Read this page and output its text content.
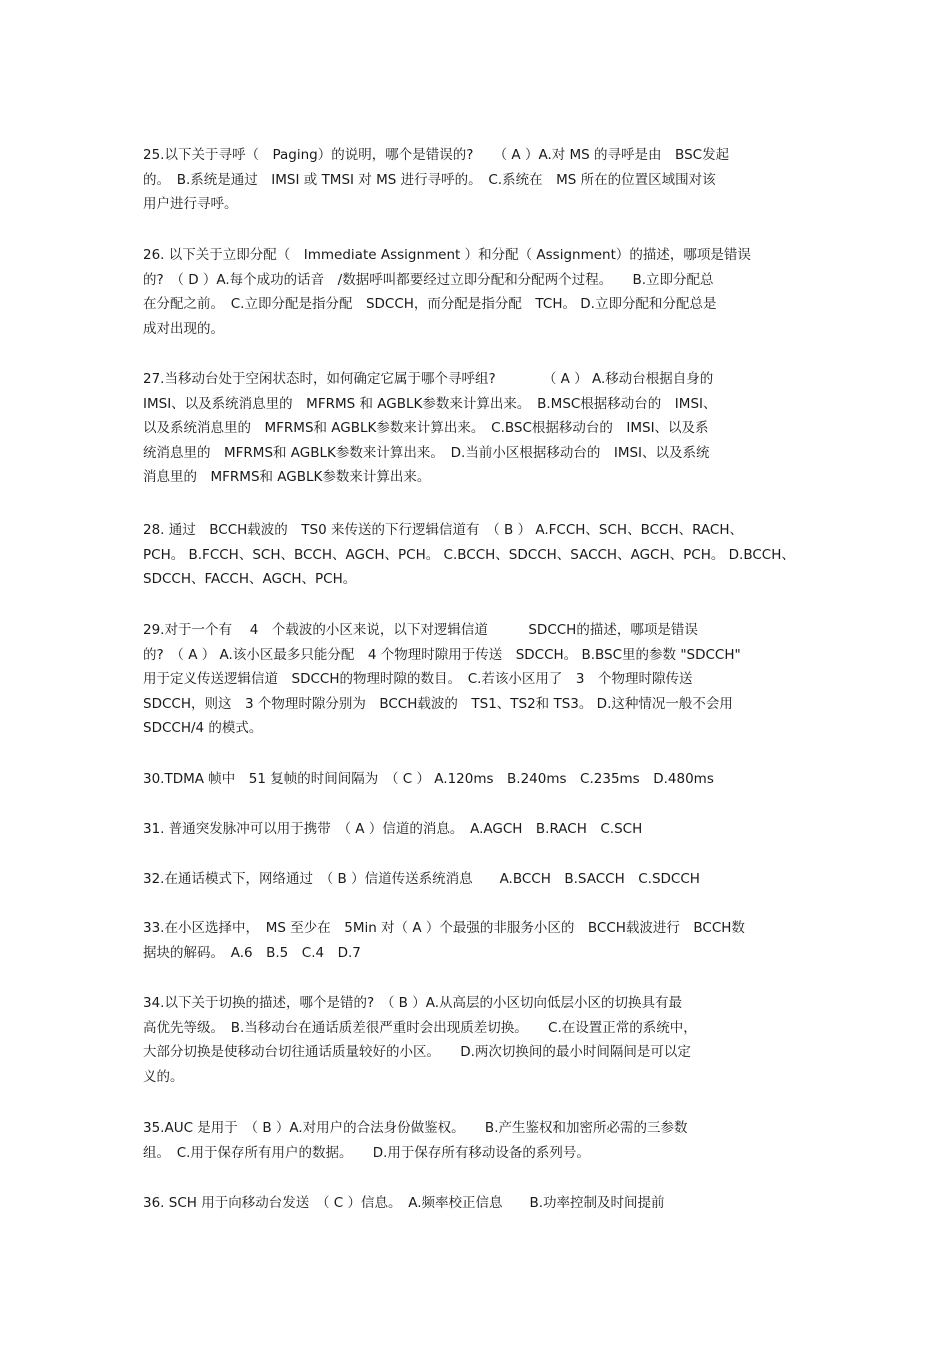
25.以下关于寻呼（　Paging）的说明，哪个是错误的?　　（ A ）A.对 MS 的寻呼是由　BSC发起
的。　B.系统是通过　IMSI 或 TMSI 对 MS 进行寻呼的。　C.系统在　MS 所在的位置区域围对该
用户进行寻呼。
26. 以下关于立即分配（　Immediate Assignment ）和分配（ Assignment）的描述，哪项是错误
的?　（ D ）A.每个成功的话音　/数据呼叫都要经过立即分配和分配两个过程。　　B.立即分配总
在分配之前。　C.立即分配是指分配　SDCCH，而分配是指分配　TCH。 D.立即分配和分配总是
成对出现的。
27.当移动台处于空闲状态时，如何确定它属于哪个寻呼组?　　　　（ A ） A.移动台根据自身的
IMSI、以及系统消息里的　MFRMS 和 AGBLK参数来计算出来。　B.MSC根据移动台的　IMSI、
以及系统消息里的　MFRMS和 AGBLK参数来计算出来。　C.BSC根据移动台的　IMSI、以及系
统消息里的　MFRMS和 AGBLK参数来计算出来。　D.当前小区根据移动台的　IMSI、以及系统
消息里的　MFRMS和 AGBLK参数来计算出来。
28. 通过　BCCH载波的　TS0 来传送的下行逻辑信道有　（ B ） A.FCCH、SCH、BCCH、RACH、
PCH。 B.FCCH、SCH、BCCH、AGCH、PCH。 C.BCCH、SDCCH、SACCH、AGCH、PCH。 D.BCCH、
SDCCH、FACCH、AGCH、PCH。
29.对于一个有　 4　个载波的小区来说，以下对逻辑信道　　　SDCCH的描述，哪项是错误
的?　（ A ） A.该小区最多只能分配　4 个物理时隙用于传送　SDCCH。 B.BSC里的参数 "SDCCH"
用于定义传送逻辑信道　SDCCH的物理时隙的数目。　C.若该小区用了　3　个物理时隙传送
SDCCH，则这　3 个物理时隙分别为　BCCH载波的　TS1、TS2和 TS3。 D.这种情况一般不会用
SDCCH/4 的模式。
30.TDMA 帧中　51 复帧的时间间隔为　（ C ） A.120ms　B.240ms　C.235ms　D.480ms
31. 普通突发脉冲可以用于携带　（ A ）信道的消息。　A.AGCH　B.RACH　C.SCH
32.在通话模式下，网络通过　（ B ）信道传送系统消息　　A.BCCH　B.SACCH　C.SDCCH
33.在小区选择中，　MS 至少在　5Min 对（ A ）个最强的非服务小区的　BCCH载波进行　BCCH数
据块的解码。　A.6　B.5　C.4　D.7
34.以下关于切换的描述，哪个是错的?　（ B ）A.从高层的小区切向低层小区的切换具有最
高优先等级。　B.当移动台在通话质差很严重时会出现质差切换。　　C.在设置正常的系统中，
大部分切换是使移动台切往通话质量较好的小区。　　D.两次切换间的最小时间隔间是可以定
义的。
35.AUC 是用于　（ B ）A.对用户的合法身份做鉴权。　　B.产生鉴权和加密所必需的三参数
组。　C.用于保存所有用户的数据。　　D.用于保存所有移动设备的系列号。
36. SCH 用于向移动台发送　（ C ）信息。　A.频率校正信息　　B.功率控制及时间提前
